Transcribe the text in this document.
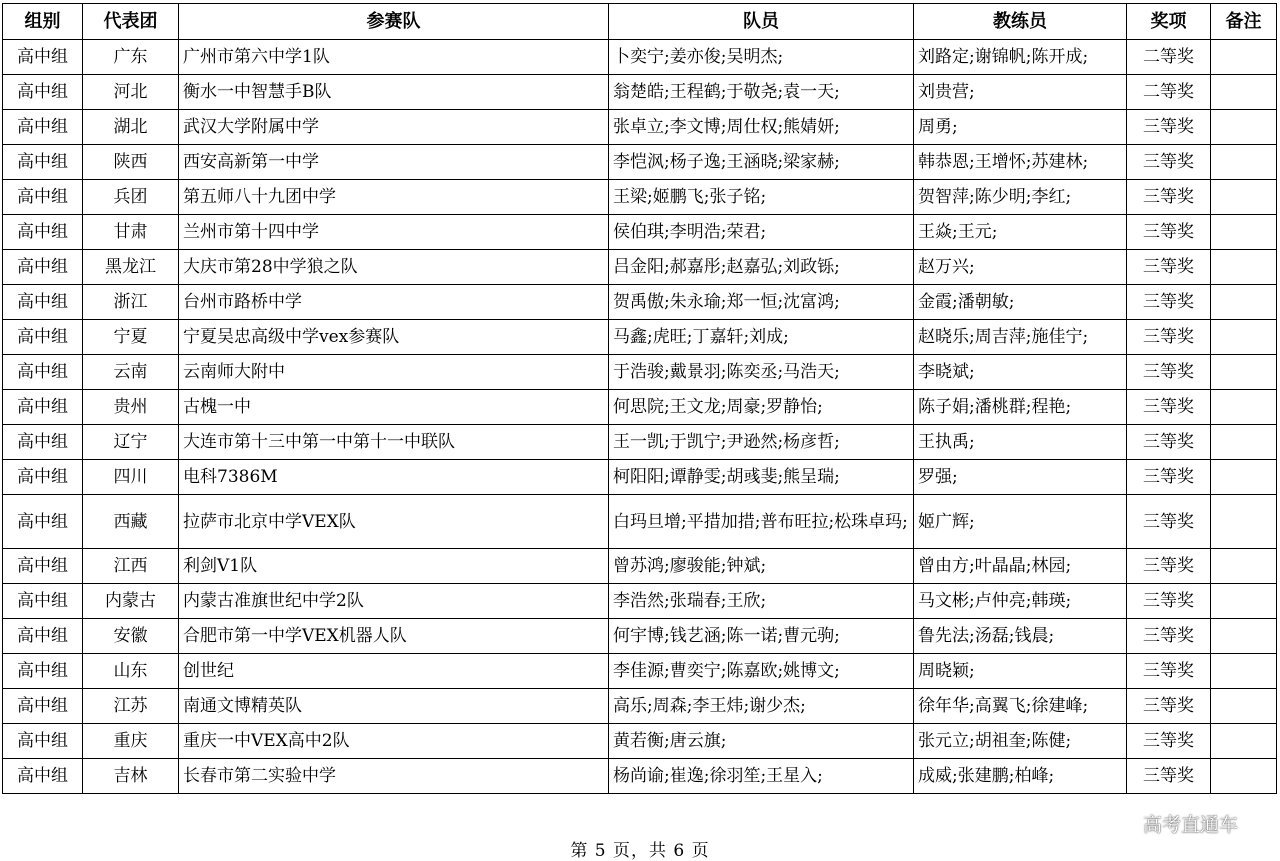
组别	代表团	参赛队	队员	教练员	奖项	备注
高中组	广东	广州市第六中学1队	卜奕宁;姜亦俊;吴明杰;	刘路定;谢锦帆;陈开成;	二等奖	
高中组	河北	衡水一中智慧手B队	翁楚皓;王程鹤;于敬尧;袁一天;	刘贵营;	二等奖	
高中组	湖北	武汉大学附属中学	张卓立;李文博;周仕权;熊婧妍;	周勇;	三等奖	
高中组	陕西	西安高新第一中学	李恺沨;杨子逸;王涵晓;梁家赫;	韩恭恩;王增怀;苏建林;	三等奖	
高中组	兵团	第五师八十九团中学	王梁;姬鹏飞;张子铭;	贺智萍;陈少明;李红;	三等奖	
高中组	甘肃	兰州市第十四中学	侯伯琪;李明浩;荣君;	王焱;王元;	三等奖	
高中组	黑龙江	大庆市第28中学狼之队	吕金阳;郝嘉彤;赵嘉弘;刘政铄;	赵万兴;	三等奖	
高中组	浙江	台州市路桥中学	贺禹傲;朱永瑜;郑一恒;沈富鸿;	金霞;潘朝敏;	三等奖	
高中组	宁夏	宁夏吴忠高级中学vex参赛队	马鑫;虎旺;丁嘉轩;刘成;	赵晓乐;周吉萍;施佳宁;	三等奖	
高中组	云南	云南师大附中	于浩骏;戴景羽;陈奕丞;马浩天;	李晓斌;	三等奖	
高中组	贵州	古槐一中	何思院;王文龙;周豪;罗静怡;	陈子娟;潘桃群;程艳;	三等奖	
高中组	辽宁	大连市第十三中第一中第十一中联队	王一凯;于凯宁;尹逊然;杨彦哲;	王执禹;	三等奖	
高中组	四川	电科7386M	柯阳阳;谭静雯;胡彧斐;熊呈瑞;	罗强;	三等奖	
高中组	西藏	拉萨市北京中学VEX队	白玛旦增;平措加措;普布旺拉;松珠卓玛;	姬广辉;	三等奖	
高中组	江西	利剑V1队	曾苏鸿;廖骏能;钟斌;	曾由方;叶晶晶;林园;	三等奖	
高中组	内蒙古	内蒙古准旗世纪中学2队	李浩然;张瑞春;王欣;	马文彬;卢仲亮;韩瑛;	三等奖	
高中组	安徽	合肥市第一中学VEX机器人队	何宇博;钱艺涵;陈一诺;曹元驹;	鲁先法;汤磊;钱晨;	三等奖	
高中组	山东	创世纪	李佳源;曹奕宁;陈嘉欧;姚博文;	周晓颖;	三等奖	
高中组	江苏	南通文博精英队	高乐;周森;李王炜;谢少杰;	徐年华;高翼飞;徐建峰;	三等奖	
高中组	重庆	重庆一中VEX高中2队	黄若衡;唐云旗;	张元立;胡祖奎;陈健;	三等奖	
高中组	吉林	长春市第二实验中学	杨尚谕;崔逸;徐羽笙;王星入;	成威;张建鹏;柏峰;	三等奖	
第 5 页，共 6 页
高考直通车
